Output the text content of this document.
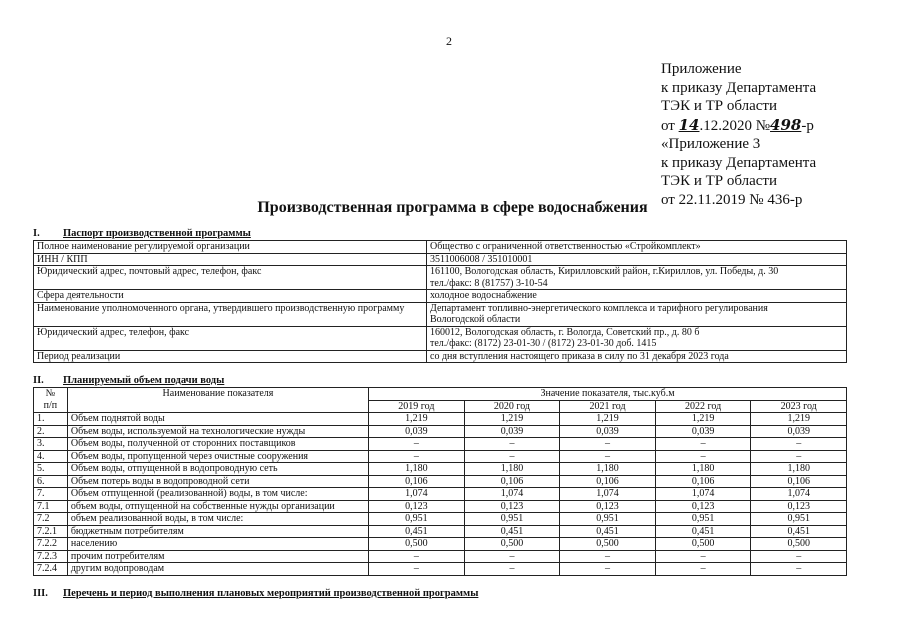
2
Приложение
к приказу Департамента
ТЭК и ТР области
от 14.12.2020 №498-р
«Приложение 3
к приказу Департамента
ТЭК и ТР области
от 22.11.2019 № 436-р
Производственная программа в сфере водоснабжения
I. Паспорт производственной программы
Полное наименование регулируемой организации	Общество с ограниченной ответственностью «Стройкомплект»
ИНН / КПП	3511006008 / 351010001
Юридический адрес, почтовый адрес, телефон, факс	161100, Вологодская область, Кирилловский район, г.Кириллов, ул. Победы, д. 30
тел./факс: 8 (81757) 3-10-54

Сфера деятельности	холодное водоснабжение
Наименование уполномоченного органа, утвердившего производственную программу	Департамент топливно-энергетического комплекса и тарифного регулирования
Вологодской области

Юридический адрес, телефон, факс	160012, Вологодская область, г. Вологда, Советский пр., д. 80 б
тел./факс: (8172) 23-01-30 / (8172) 23-01-30 доб. 1415

Период реализации	со дня вступления настоящего приказа в силу по 31 декабря 2023 года
II. Планируемый объем подачи воды
№
п/п	Наименование показателя	Значение показателя, тыс.куб.м				
		2019 год	2020 год	2021 год	2022 год	2023 год
1.	Объем поднятой воды	1,219	1,219	1,219	1,219	1,219
2.	Объем воды, используемой на технологические нужды	0,039	0,039	0,039	0,039	0,039
3.	Объем воды, полученной от сторонних поставщиков	–	–	–	–	–
4.	Объем воды, пропущенной через очистные сооружения	–	–	–	–	–
5.	Объем воды, отпущенной в водопроводную сеть	1,180	1,180	1,180	1,180	1,180
6.	Объем потерь воды в водопроводной сети	0,106	0,106	0,106	0,106	0,106
7.	Объем отпущенной (реализованной) воды, в том числе:	1,074	1,074	1,074	1,074	1,074
7.1	объем воды, отпущенной на собственные нужды организации	0,123	0,123	0,123	0,123	0,123
7.2	объем реализованной воды, в том числе:	0,951	0,951	0,951	0,951	0,951
7.2.1	бюджетным потребителям	0,451	0,451	0,451	0,451	0,451
7.2.2	населению	0,500	0,500	0,500	0,500	0,500
7.2.3	прочим потребителям	–	–	–	–	–
7.2.4	другим водопроводам	–	–	–	–	–
III. Перечень и период выполнения плановых мероприятий производственной программы
